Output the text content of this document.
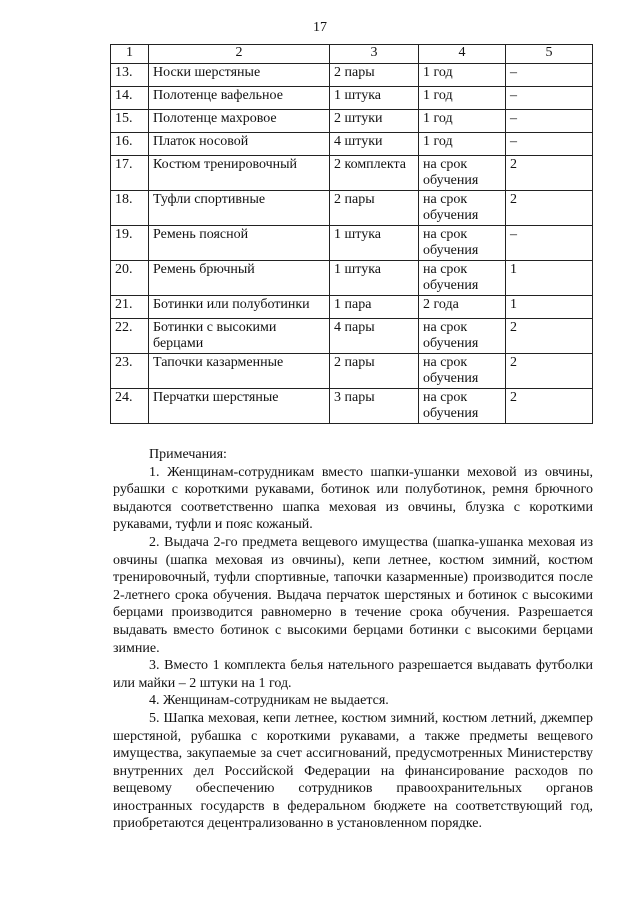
17
1	2	3	4	5
13.	Носки шерстяные	2 пары	1 год	–
14.	Полотенце вафельное	1 штука	1 год	–
15.	Полотенце махровое	2 штуки	1 год	–
16.	Платок носовой	4 штуки	1 год	–
17.	Костюм тренировочный	2 комплекта	на срок обучения	2
18.	Туфли спортивные	2 пары	на срок обучения	2
19.	Ремень поясной	1 штука	на срок обучения	–
20.	Ремень брючный	1 штука	на срок обучения	1
21.	Ботинки или полуботинки	1 пара	2 года	1
22.	Ботинки с высокими берцами	4 пары	на срок обучения	2
23.	Тапочки казарменные	2 пары	на срок обучения	2
24.	Перчатки шерстяные	3 пары	на срок обучения	2

Примечания:

1. Женщинам-сотрудникам вместо шапки-ушанки меховой из овчины, рубашки с короткими рукавами, ботинок или полуботинок, ремня брючного выдаются соответственно шапка меховая из овчины, блузка с короткими рукавами, туфли и пояс кожаный.

2. Выдача 2-го предмета вещевого имущества (шапка-ушанка меховая из овчины (шапка меховая из овчины), кепи летнее, костюм зимний, костюм тренировочный, туфли спортивные, тапочки казарменные) производится после 2-летнего срока обучения. Выдача перчаток шерстяных и ботинок с высокими берцами производится равномерно в течение срока обучения. Разрешается выдавать вместо ботинок с высокими берцами ботинки с высокими берцами зимние.

3. Вместо 1 комплекта белья нательного разрешается выдавать футболки или майки – 2 штуки на 1 год.

4. Женщинам-сотрудникам не выдается.

5. Шапка меховая, кепи летнее, костюм зимний, костюм летний, джемпер шерстяной, рубашка с короткими рукавами, а также предметы вещевого имущества, закупаемые за счет ассигнований, предусмотренных Министерству внутренних дел Российской Федерации на финансирование расходов по вещевому обеспечению сотрудников правоохранительных органов иностранных государств в федеральном бюджете на соответствующий год, приобретаются децентрализованно в установленном порядке.
